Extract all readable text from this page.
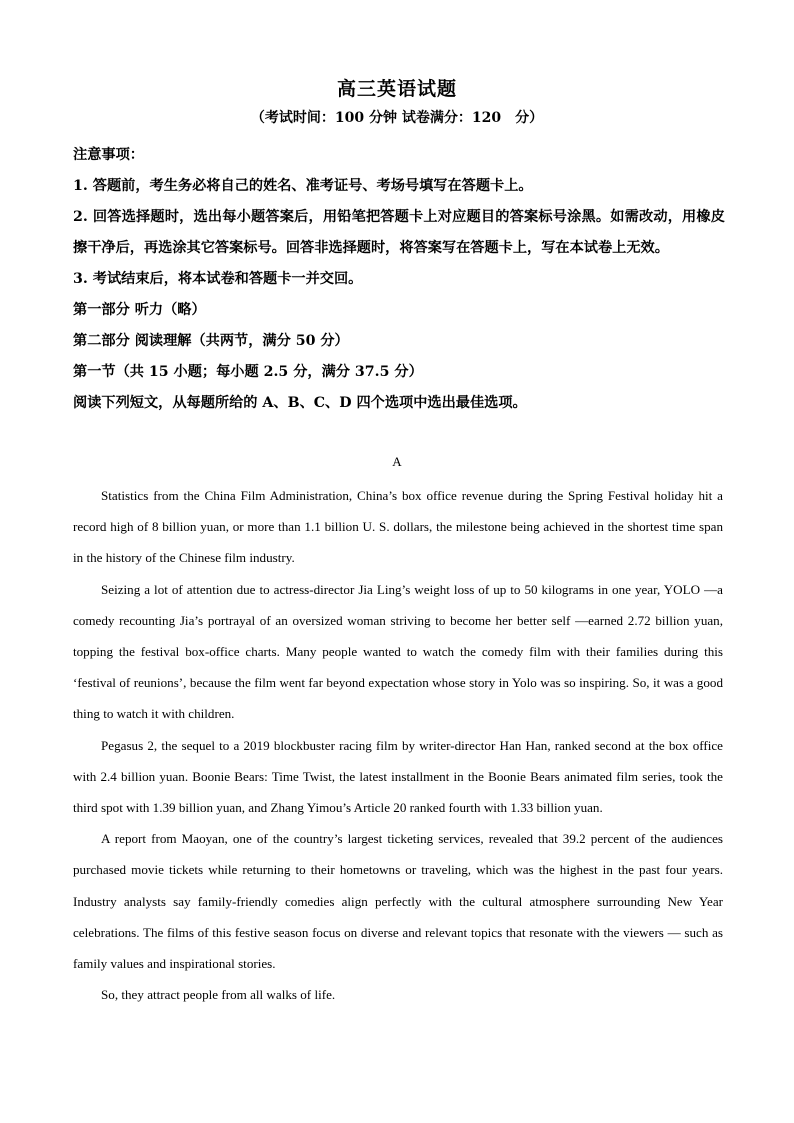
高三英语试题
（考试时间：100 分钟 试卷满分：120　分）
注意事项：
1. 答题前，考生务必将自己的姓名、准考证号、考场号填写在答题卡上。
2. 回答选择题时，选出每小题答案后，用铅笔把答题卡上对应题目的答案标号涂黑。如需改动，用橡皮擦干净后，再选涂其它答案标号。回答非选择题时，将答案写在答题卡上，写在本试卷上无效。
3. 考试结束后，将本试卷和答题卡一并交回。
第一部分 听力（略）
第二部分 阅读理解（共两节，满分 50 分）
第一节（共 15 小题；每小题 2.5 分，满分 37.5 分）
阅读下列短文，从每题所给的 A、B、C、D 四个选项中选出最佳选项。
A

Statistics from the China Film Administration, China’s box office revenue during the Spring Festival holiday hit a record high of 8 billion yuan, or more than 1.1 billion U. S. dollars, the milestone being achieved in the shortest time span in the history of the Chinese film industry.

Seizing a lot of attention due to actress-director Jia Ling’s weight loss of up to 50 kilograms in one year, YOLO —a comedy recounting Jia’s portrayal of an oversized woman striving to become her better self —earned 2.72 billion yuan, topping the festival box-office charts. Many people wanted to watch the comedy film with their families during this ‘festival of reunions’, because the film went far beyond expectation whose story in Yolo was so inspiring. So, it was a good thing to watch it with children.

Pegasus 2, the sequel to a 2019 blockbuster racing film by writer-director Han Han, ranked second at the box office with 2.4 billion yuan. Boonie Bears: Time Twist, the latest installment in the Boonie Bears animated film series, took the third spot with 1.39 billion yuan, and Zhang Yimou’s Article 20 ranked fourth with 1.33 billion yuan.

A report from Maoyan, one of the country’s largest ticketing services, revealed that 39.2 percent of the audiences purchased movie tickets while returning to their hometowns or traveling, which was the highest in the past four years. Industry analysts say family-friendly comedies align perfectly with the cultural atmosphere surrounding New Year celebrations. The films of this festive season focus on diverse and relevant topics that resonate with the viewers — such as family values and inspirational stories.

So, they attract people from all walks of life.
